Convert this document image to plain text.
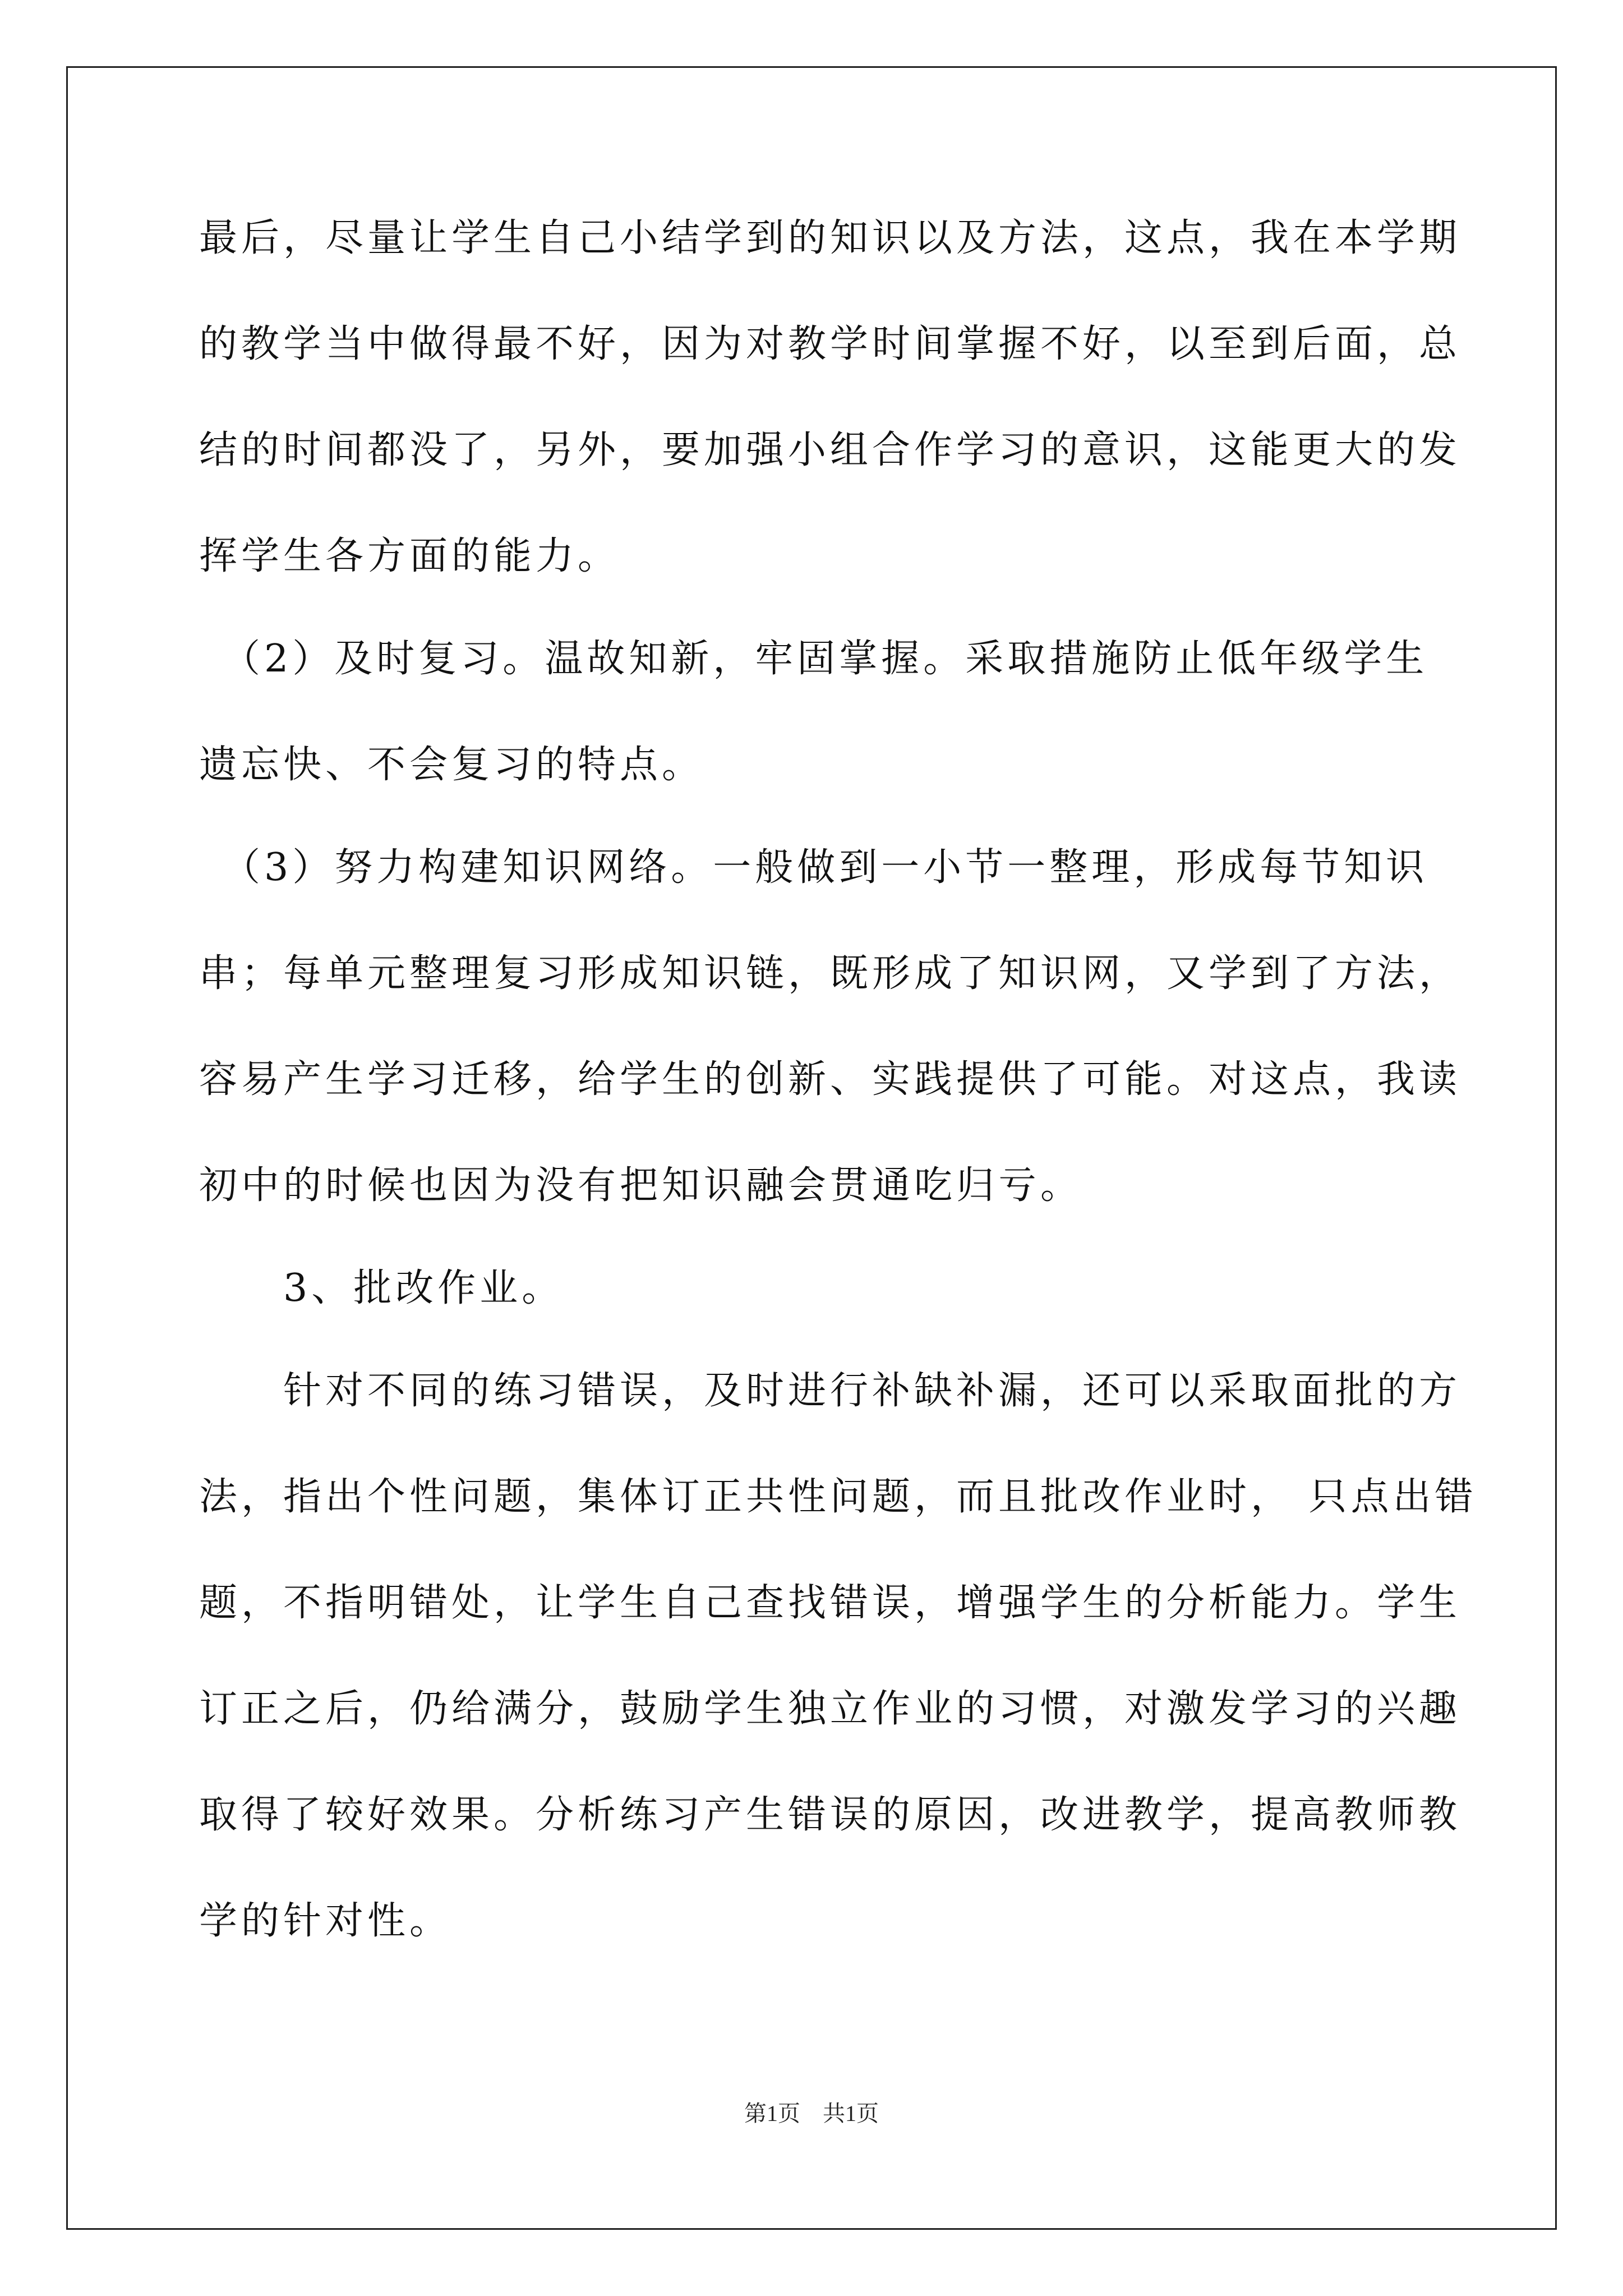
最后，尽量让学生自己小结学到的知识以及方法，这点，我在本学期
的教学当中做得最不好，因为对教学时间掌握不好，以至到后面，总
结的时间都没了，另外，要加强小组合作学习的意识，这能更大的发
挥学生各方面的能力。
　（2）及时复习。温故知新，牢固掌握。采取措施防止低年级学生
遗忘快、不会复习的特点。
　（3）努力构建知识网络。一般做到一小节一整理，形成每节知识
串；每单元整理复习形成知识链，既形成了知识网，又学到了方法，
容易产生学习迁移，给学生的创新、实践提供了可能。对这点，我读
初中的时候也因为没有把知识融会贯通吃归亏。
　　3、批改作业。
　　针对不同的练习错误，及时进行补缺补漏，还可以采取面批的方
法，指出个性问题，集体订正共性问题，而且批改作业时， 只点出错
题，不指明错处，让学生自己查找错误，增强学生的分析能力。学生
订正之后，仍给满分，鼓励学生独立作业的习惯，对激发学习的兴趣
取得了较好效果。分析练习产生错误的原因，改进教学，提高教师教
学的针对性。
第1页　共1页
